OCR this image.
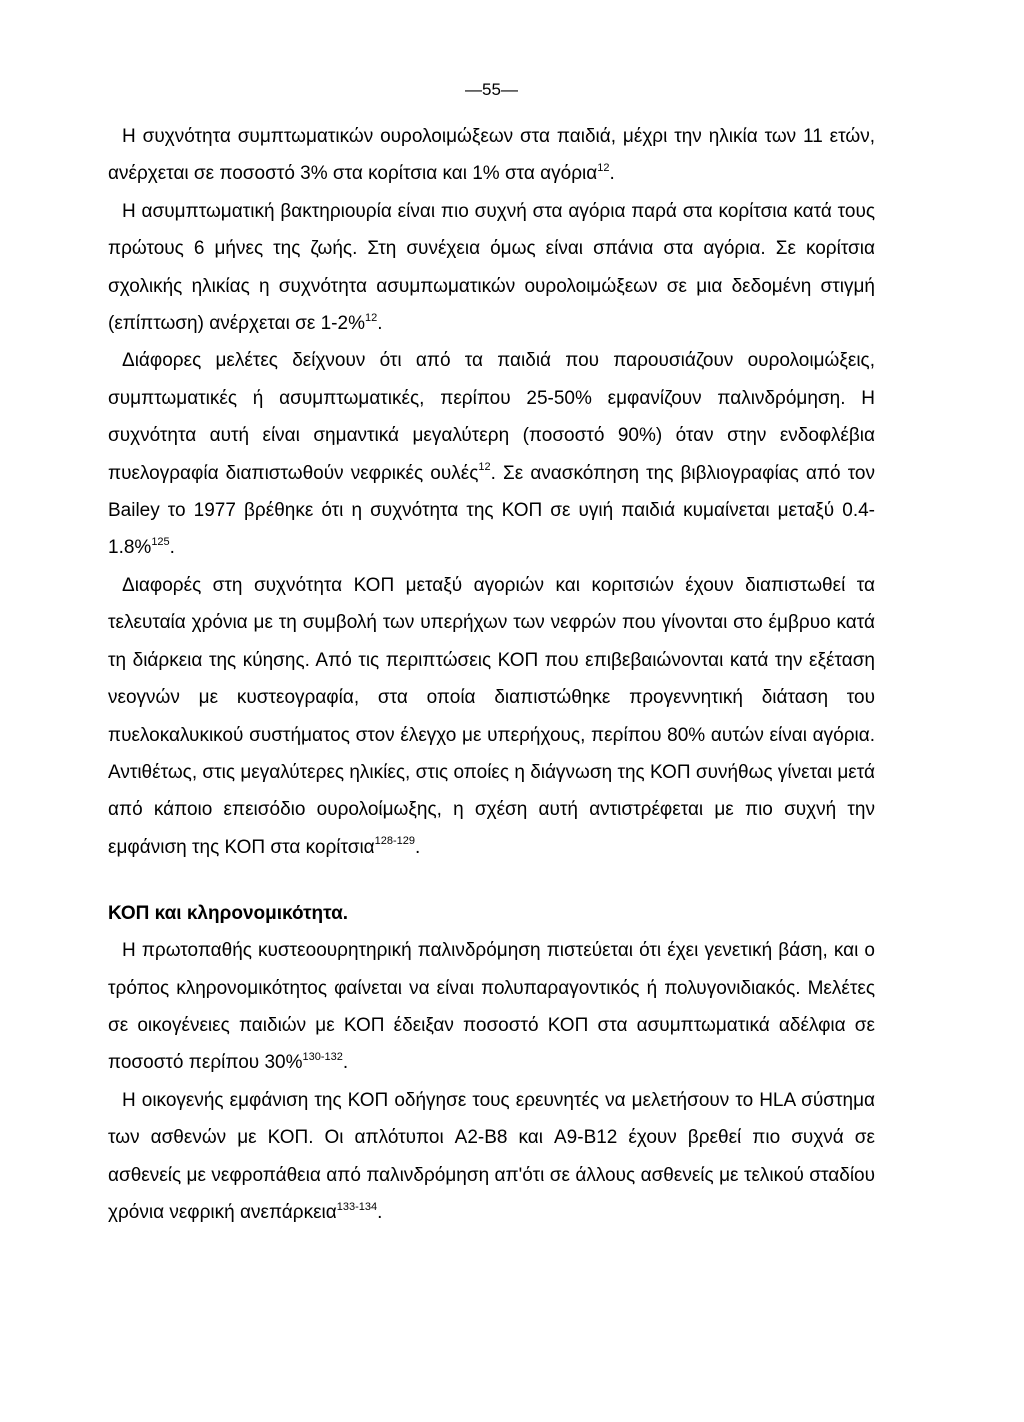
—55—

Η συχνότητα συμπτωματικών ουρολοιμώξεων στα παιδιά, μέχρι την ηλικία των 11 ετών, ανέρχεται σε ποσοστό 3% στα κορίτσια και 1% στα αγόρια$^{12}$.

Η ασυμπτωματική βακτηριουρία είναι πιο συχνή στα αγόρια παρά στα κορίτσια κατά τους πρώτους 6 μήνες της ζωής. Στη συνέχεια όμως είναι σπάνια στα αγόρια. Σε κορίτσια σχολικής ηλικίας η συχνότητα ασυμπωματικών ουρολοιμώξεων σε μια δεδομένη στιγμή (επίπτωση) ανέρχεται σε 1-2%$^{12}$.

Διάφορες μελέτες δείχνουν ότι από τα παιδιά που παρουσιάζουν ουρολοιμώξεις, συμπτωματικές ή ασυμπτωματικές, περίπου 25-50% εμφανίζουν παλινδρόμηση. Η συχνότητα αυτή είναι σημαντικά μεγαλύτερη (ποσοστό 90%) όταν στην ενδοφλέβια πυελογραφία διαπιστωθούν νεφρικές ουλές$^{12}$. Σε ανασκόπηση της βιβλιογραφίας από τον Bailey το 1977 βρέθηκε ότι η συχνότητα της ΚΟΠ σε υγιή παιδιά κυμαίνεται μεταξύ 0.4-1.8%$^{125}$.

Διαφορές στη συχνότητα ΚΟΠ μεταξύ αγοριών και κοριτσιών έχουν διαπιστωθεί τα τελευταία χρόνια με τη συμβολή των υπερήχων των νεφρών που γίνονται στο έμβρυο κατά τη διάρκεια της κύησης. Από τις περιπτώσεις ΚΟΠ που επιβεβαιώνονται κατά την εξέταση νεογνών με κυστεογραφία, στα οποία διαπιστώθηκε προγεννητική διάταση του πυελοκαλυκικού συστήματος στον έλεγχο με υπερήχους, περίπου 80% αυτών είναι αγόρια. Αντιθέτως, στις μεγαλύτερες ηλικίες, στις οποίες η διάγνωση της ΚΟΠ συνήθως γίνεται μετά από κάποιο επεισόδιο ουρολοίμωξης, η σχέση αυτή αντιστρέφεται με πιο συχνή την εμφάνιση της ΚΟΠ στα κορίτσια$^{128-129}$.

ΚΟΠ και κληρονομικότητα.

Η πρωτοπαθής κυστεοουρητηρική παλινδρόμηση πιστεύεται ότι έχει γενετική βάση, και ο τρόπος κληρονομικότητος φαίνεται να είναι πολυπαραγοντικός ή πολυγονιδιακός. Μελέτες σε οικογένειες παιδιών με ΚΟΠ έδειξαν ποσοστό ΚΟΠ στα ασυμπτωματικά αδέλφια σε ποσοστό περίπου 30%$^{130-132}$.

Η οικογενής εμφάνιση της ΚΟΠ οδήγησε τους ερευνητές να μελετήσουν το HLA σύστημα των ασθενών με ΚΟΠ. Οι απλότυποι A2-B8 και A9-B12 έχουν βρεθεί πιο συχνά σε ασθενείς με νεφροπάθεια από παλινδρόμηση απ'ότι σε άλλους ασθενείς με τελικού σταδίου χρόνια νεφρική ανεπάρκεια$^{133-134}$.
